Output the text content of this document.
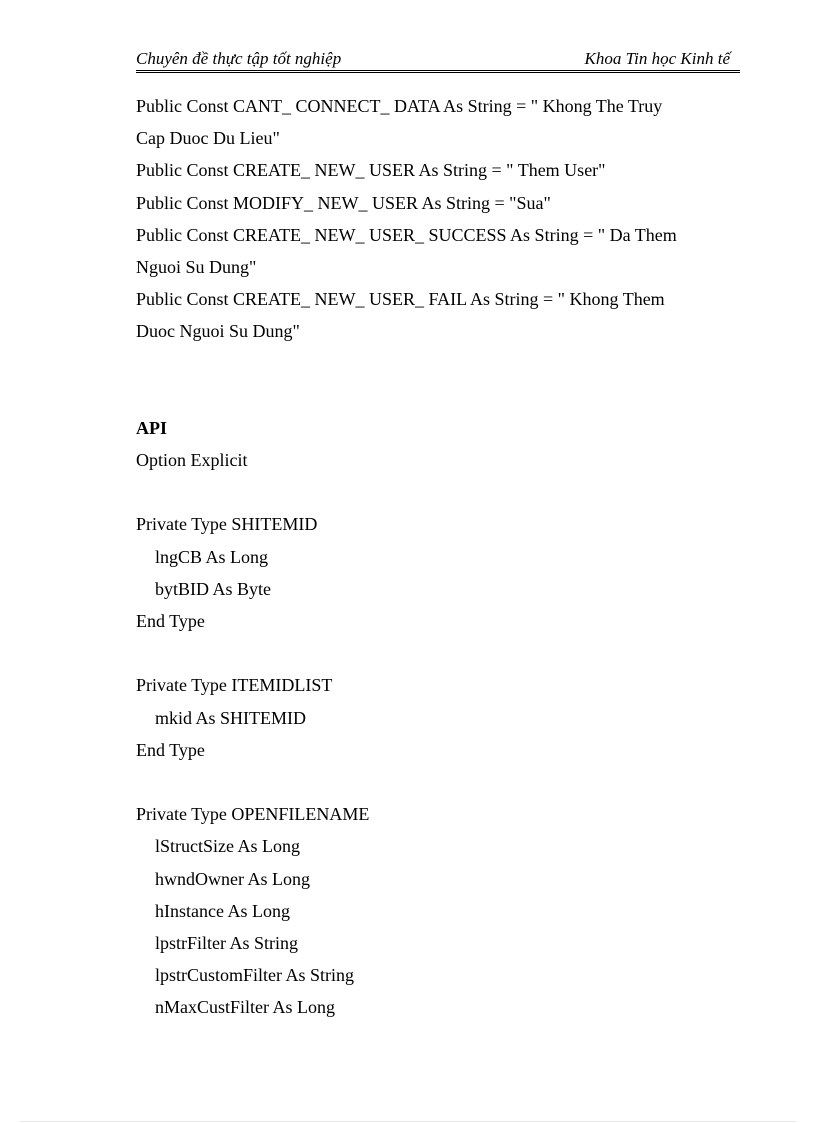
Chuyên đề thực tập tốt nghiệp	Khoa Tin học Kinh tế
Public Const CANT_ CONNECT_ DATA As String = " Khong The Truy
Cap Duoc Du Lieu"
Public Const CREATE_ NEW_ USER As String = " Them User"
Public Const MODIFY_ NEW_ USER As String = "Sua"
Public Const CREATE_ NEW_ USER_ SUCCESS As String = " Da Them
Nguoi Su Dung"
Public Const CREATE_ NEW_ USER_ FAIL As String = " Khong Them
Duoc Nguoi Su Dung"
API
Option Explicit
Private Type SHITEMID
lngCB As Long
bytBID As Byte
End Type
Private Type ITEMIDLIST
mkid As SHITEMID
End Type
Private Type OPENFILENAME
lStructSize As Long
hwndOwner As Long
hInstance As Long
lpstrFilter As String
lpstrCustomFilter As String
nMaxCustFilter As Long
